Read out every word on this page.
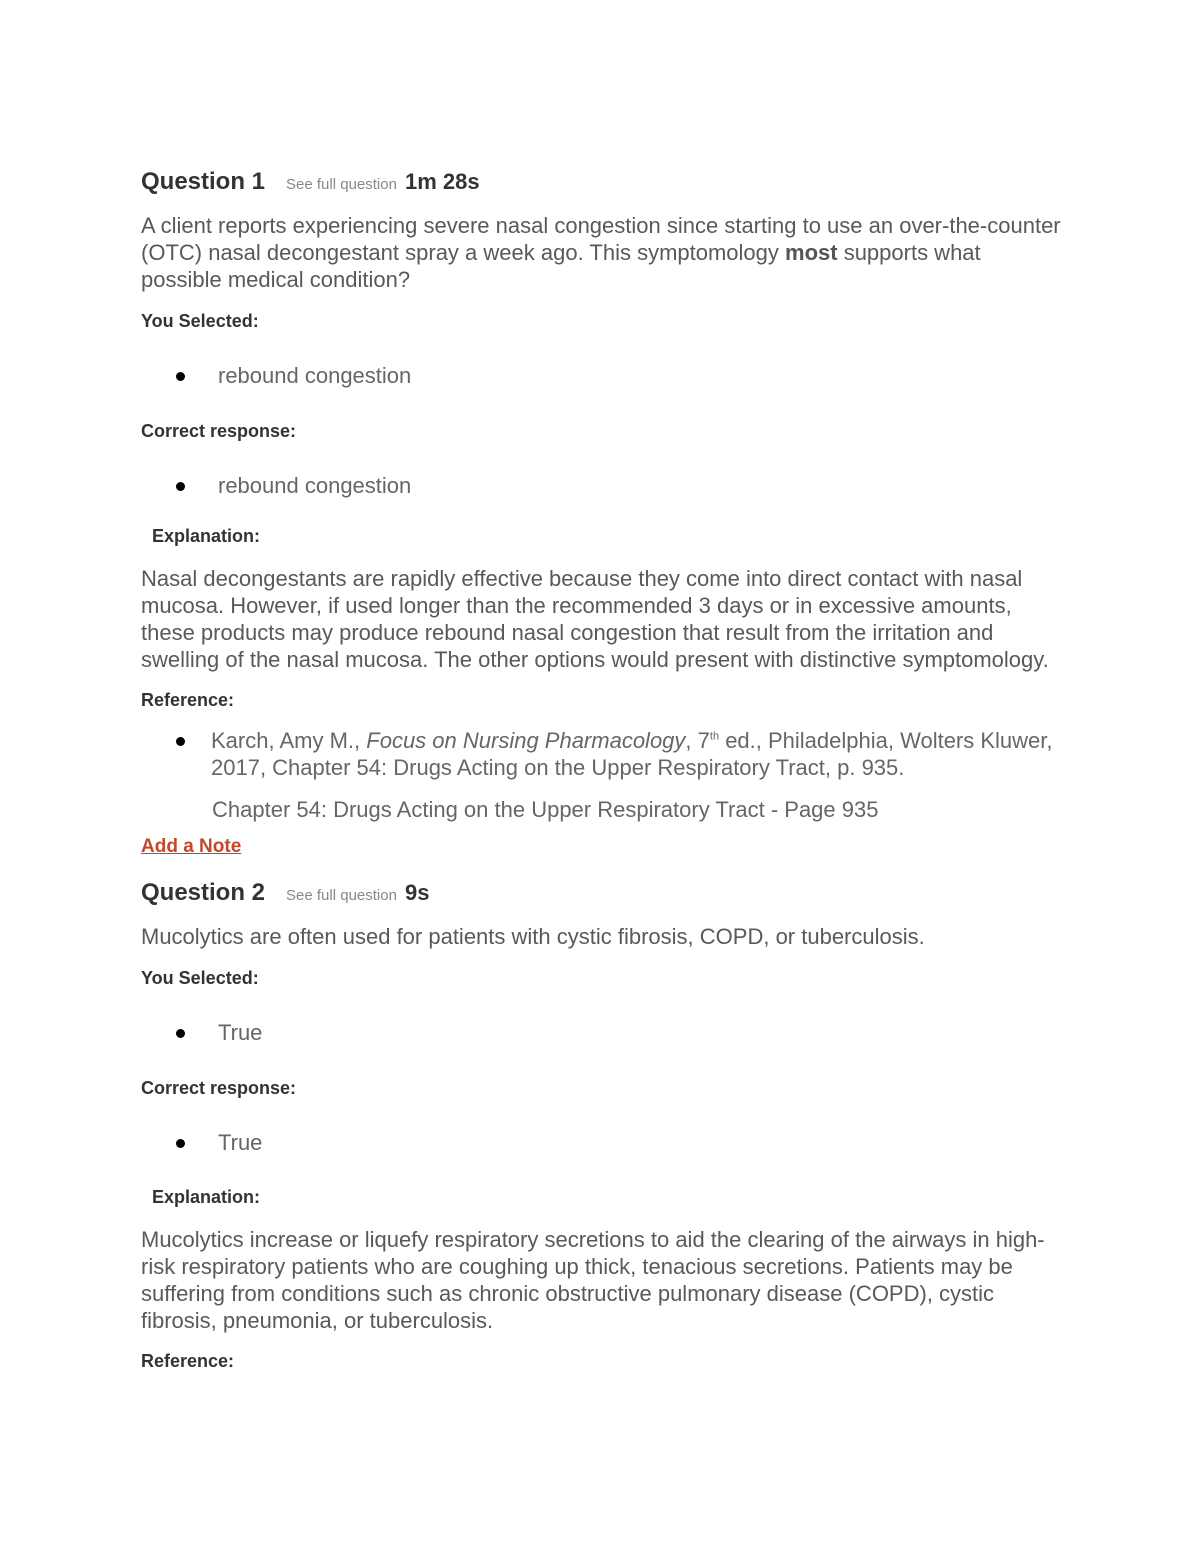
Question 1 See full question 1m 28s

A client reports experiencing severe nasal congestion since starting to use an over-the-counter (OTC) nasal decongestant spray a week ago. This symptomology most supports what possible medical condition?

You Selected:

rebound congestion

Correct response:

rebound congestion

Explanation:

Nasal decongestants are rapidly effective because they come into direct contact with nasal mucosa. However, if used longer than the recommended 3 days or in excessive amounts, these products may produce rebound nasal congestion that result from the irritation and swelling of the nasal mucosa. The other options would present with distinctive symptomology.

Reference:

Karch, Amy M., Focus on Nursing Pharmacology, 7th ed., Philadelphia, Wolters Kluwer, 2017, Chapter 54: Drugs Acting on the Upper Respiratory Tract, p. 935.

Chapter 54: Drugs Acting on the Upper Respiratory Tract - Page 935

Add a Note
Question 2 See full question 9s

Mucolytics are often used for patients with cystic fibrosis, COPD, or tuberculosis.

You Selected:

True

Correct response:

True

Explanation:

Mucolytics increase or liquefy respiratory secretions to aid the clearing of the airways in high-risk respiratory patients who are coughing up thick, tenacious secretions. Patients may be suffering from conditions such as chronic obstructive pulmonary disease (COPD), cystic fibrosis, pneumonia, or tuberculosis.

Reference:
